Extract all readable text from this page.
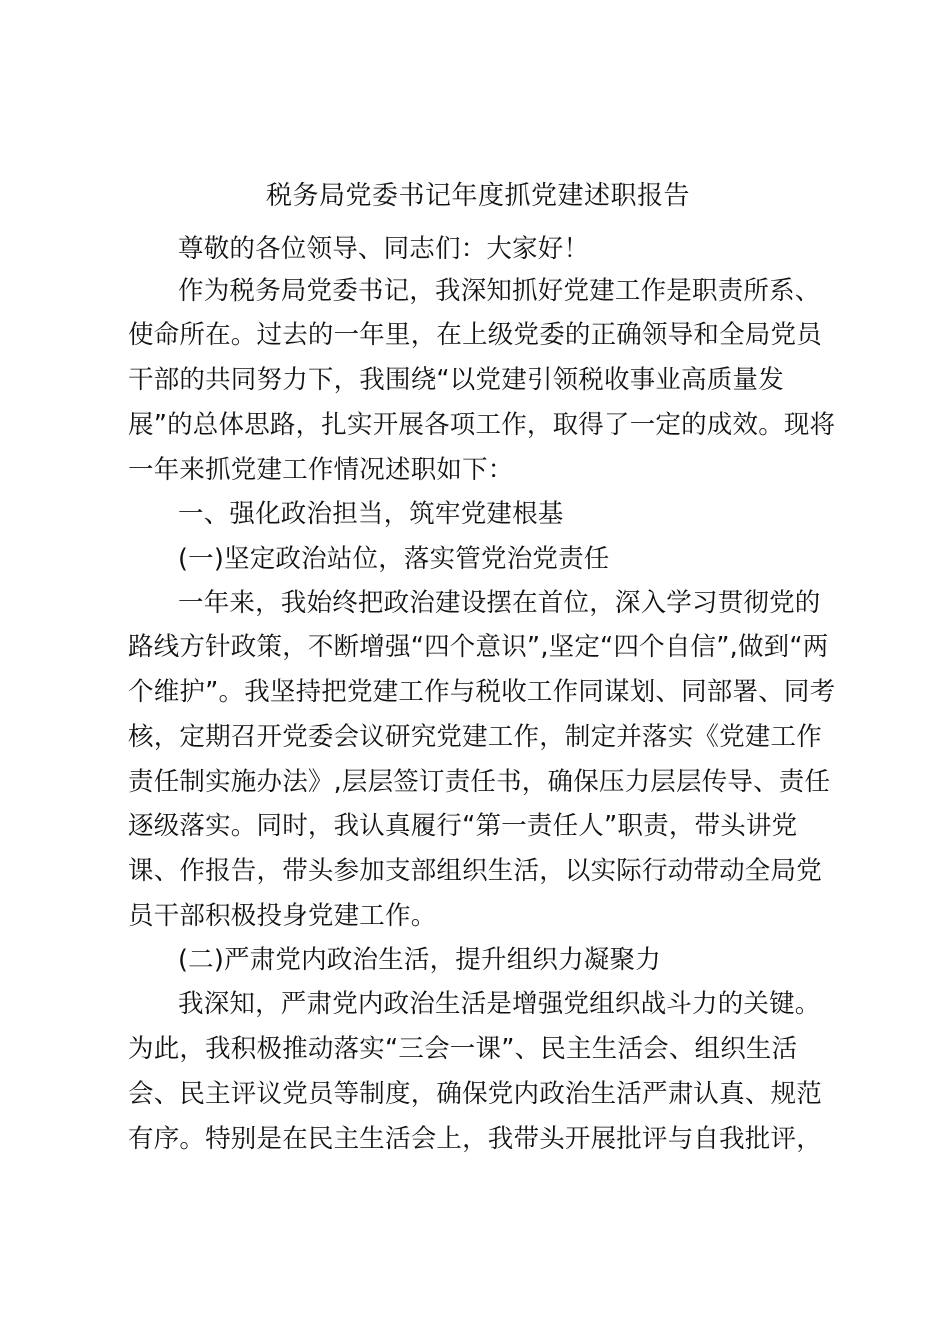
税务局党委书记年度抓党建述职报告
尊敬的各位领导、同志们：大家好！
作为税务局党委书记，我深知抓好党建工作是职责所系、
使命所在。过去的一年里，在上级党委的正确领导和全局党员
干部的共同努力下，我围绕“以党建引领税收事业高质量发
展”的总体思路，扎实开展各项工作，取得了一定的成效。现将
一年来抓党建工作情况述职如下：
一、强化政治担当，筑牢党建根基
(一)坚定政治站位，落实管党治党责任
一年来，我始终把政治建设摆在首位，深入学习贯彻党的
路线方针政策，不断增强“四个意识”,坚定“四个自信”,做到“两
个维护”。我坚持把党建工作与税收工作同谋划、同部署、同考
核，定期召开党委会议研究党建工作，制定并落实《党建工作
责任制实施办法》,层层签订责任书，确保压力层层传导、责任
逐级落实。同时，我认真履行“第一责任人”职责，带头讲党
课、作报告，带头参加支部组织生活，以实际行动带动全局党
员干部积极投身党建工作。
(二)严肃党内政治生活，提升组织力凝聚力
我深知，严肃党内政治生活是增强党组织战斗力的关键。
为此，我积极推动落实“三会一课”、民主生活会、组织生活
会、民主评议党员等制度，确保党内政治生活严肃认真、规范
有序。特别是在民主生活会上，我带头开展批评与自我批评，
